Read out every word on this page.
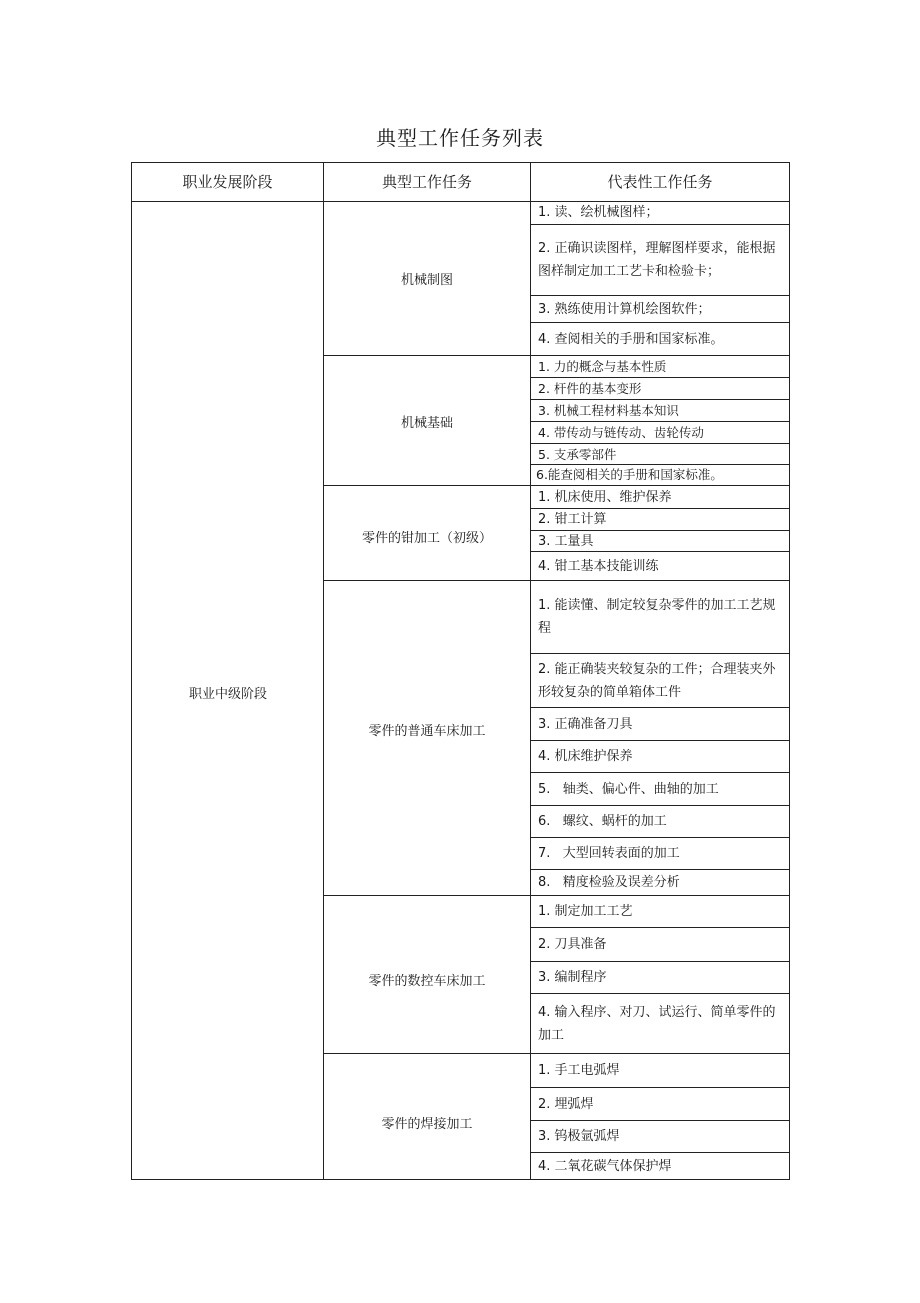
典型工作任务列表
职业发展阶段	典型工作任务	代表性工作任务
职业中级阶段
机械制图
机械基础
零件的钳加工（初级）
零件的普通车床加工
零件的数控车床加工
零件的焊接加工
1. 读、绘机械图样；
2. 正确识读图样，理解图样要求，能根据图样制定加工工艺卡和检验卡；
3. 熟练使用计算机绘图软件；
4. 查阅相关的手册和国家标准。
1. 力的概念与基本性质
2. 杆件的基本变形
3. 机械工程材料基本知识
4. 带传动与链传动、齿轮传动
5. 支承零部件
6.能查阅相关的手册和国家标准。
1. 机床使用、维护保养
2. 钳工计算
3. 工量具
4. 钳工基本技能训练
1. 能读懂、制定较复杂零件的加工工艺规程
2. 能正确装夹较复杂的工件；合理装夹外形较复杂的简单箱体工件
3. 正确准备刀具
4. 机床维护保养
5.   轴类、偏心件、曲轴的加工
6.   螺纹、蜗杆的加工
7.   大型回转表面的加工
8.   精度检验及误差分析
1. 制定加工工艺
2. 刀具准备
3. 编制程序
4. 输入程序、对刀、试运行、简单零件的加工
1. 手工电弧焊
2. 埋弧焊
3. 钨极氩弧焊
4. 二氧花碳气体保护焊
